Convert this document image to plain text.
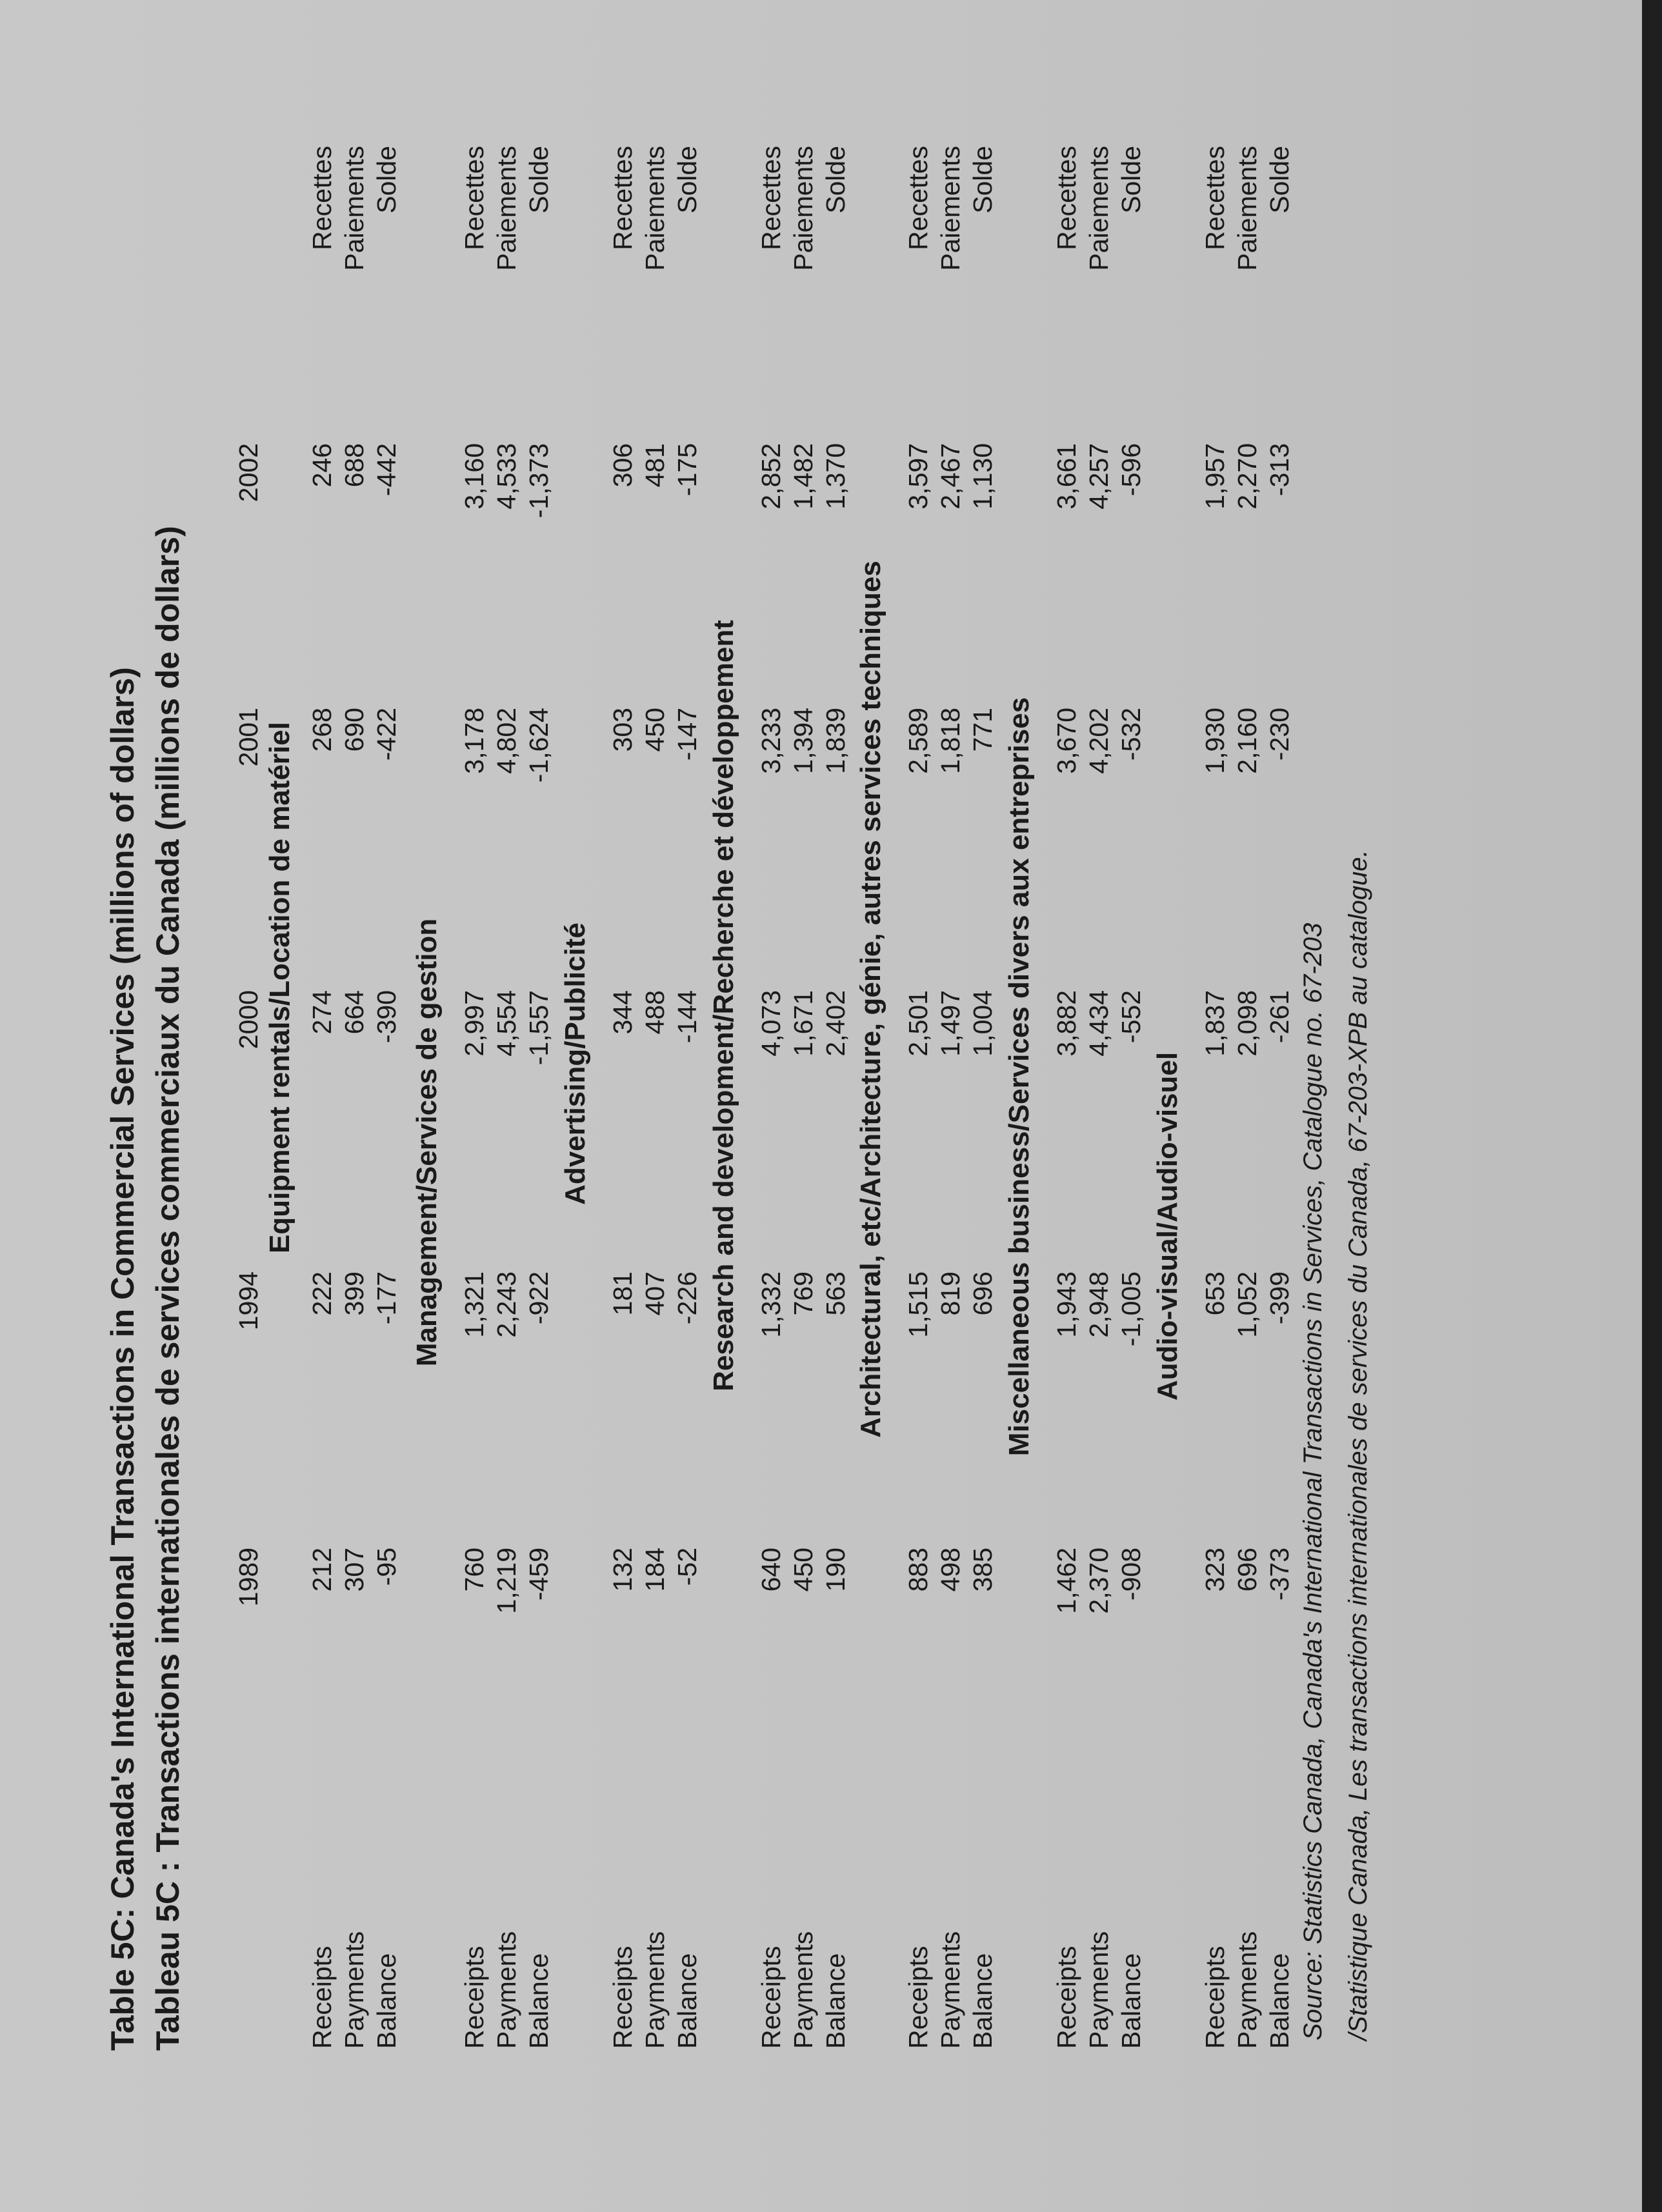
Table 5C: Canada's International Transactions in Commercial Services (millions of dollars) Tableau 5C : Transactions internationales de services commerciaux du Canada (millions de dollars) 1989
1994
2000
2001
2002
Equipment rentals/Location de matériel
Receipts
212
222
274
268
246
Recettes
Payments
307
399
664
690
688
Paiements
Balance
-95
-177
-390
-422
-442
Solde
Management/Services de gestion
Receipts
760
1,321
2,997
3,178
3,160
Recettes
Payments
1,219
2,243
4,554
4,802
4,533
Paiements
Balance
-459
-922
-1,557
-1,624
-1,373
Solde
Advertising/Publicité
Receipts
132
181
344
303
306
Recettes
Payments
184
407
488
450
481
Paiements
Balance
-52
-226
-144
-147
-175
Solde
Research and development/Recherche et développement
Receipts
640
1,332
4,073
3,233
2,852
Recettes
Payments
450
769
1,671
1,394
1,482
Paiements
Balance
190
563
2,402
1,839
1,370
Solde
Architectural, etc/Architecture, génie, autres services techniques
Receipts
883
1,515
2,501
2,589
3,597
Recettes
Payments
498
819
1,497
1,818
2,467
Paiements
Balance
385
696
1,004
771
1,130
Solde
Miscellaneous business/Services divers aux entreprises
Receipts
1,462
1,943
3,882
3,670
3,661
Recettes
Payments
2,370
2,948
4,434
4,202
4,257
Paiements
Balance
-908
-1,005
-552
-532
-596
Solde
Audio-visual/Audio-visuel
Receipts
323
653
1,837
1,930
1,957
Recettes
Payments
696
1,052
2,098
2,160
2,270
Paiements
Balance
-373
-399
-261
-230
-313
Solde
Source: Statistics Canada, Canada's International Transactions in Services, Catalogue no. 67-203 /Statistique Canada, Les transactions internationales de services du Canada, 67-203-XPB au catalogue.
